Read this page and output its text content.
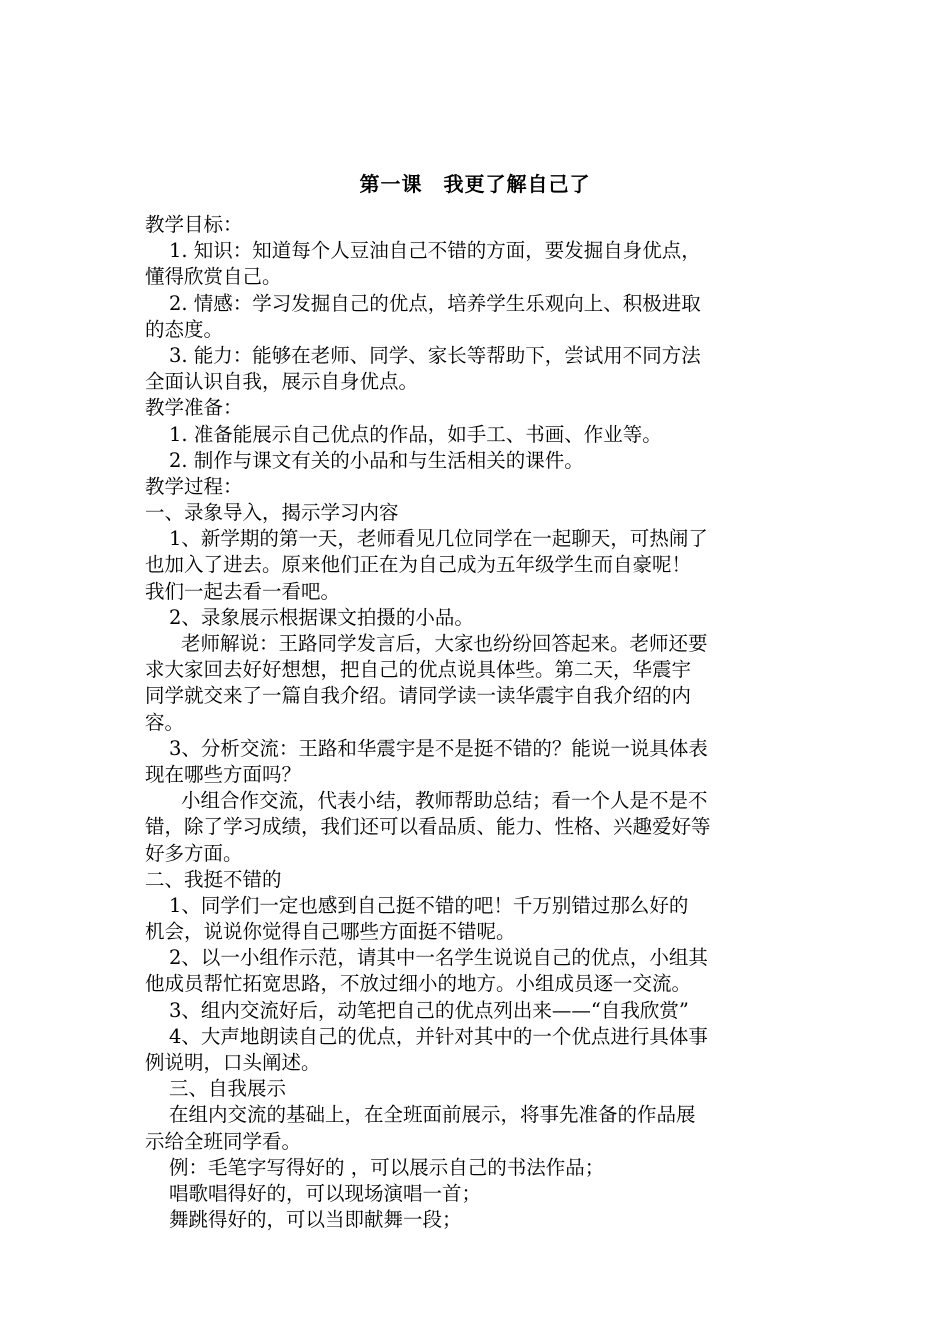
第一课　我更了解自己了
教学目标：
1. 知识：知道每个人豆油自己不错的方面，要发掘自身优点，
懂得欣赏自己。
2. 情感：学习发掘自己的优点，培养学生乐观向上、积极进取
的态度。
3. 能力：能够在老师、同学、家长等帮助下，尝试用不同方法
全面认识自我，展示自身优点。
教学准备：
1. 准备能展示自己优点的作品，如手工、书画、作业等。
2. 制作与课文有关的小品和与生活相关的课件。
教学过程：
一、录象导入，揭示学习内容
1、新学期的第一天，老师看见几位同学在一起聊天，可热闹了
也加入了进去。原来他们正在为自己成为五年级学生而自豪呢！
我们一起去看一看吧。
2、录象展示根据课文拍摄的小品。
老师解说：王路同学发言后，大家也纷纷回答起来。老师还要
求大家回去好好想想，把自己的优点说具体些。第二天，华震宇
同学就交来了一篇自我介绍。请同学读一读华震宇自我介绍的内
容。
3、分析交流：王路和华震宇是不是挺不错的？能说一说具体表
现在哪些方面吗？
小组合作交流，代表小结，教师帮助总结；看一个人是不是不
错，除了学习成绩，我们还可以看品质、能力、性格、兴趣爱好等
好多方面。
二、我挺不错的
1、同学们一定也感到自己挺不错的吧！千万别错过那么好的
机会，说说你觉得自己哪些方面挺不错呢。
2、以一小组作示范，请其中一名学生说说自己的优点，小组其
他成员帮忙拓宽思路，不放过细小的地方。小组成员逐一交流。
3、组内交流好后，动笔把自己的优点列出来——“自我欣赏”
4、大声地朗读自己的优点，并针对其中的一个优点进行具体事
例说明，口头阐述。
三、自我展示
在组内交流的基础上，在全班面前展示，将事先准备的作品展
示给全班同学看。
例：毛笔字写得好的 ，可以展示自己的书法作品；
唱歌唱得好的，可以现场演唱一首；
舞跳得好的，可以当即献舞一段；
